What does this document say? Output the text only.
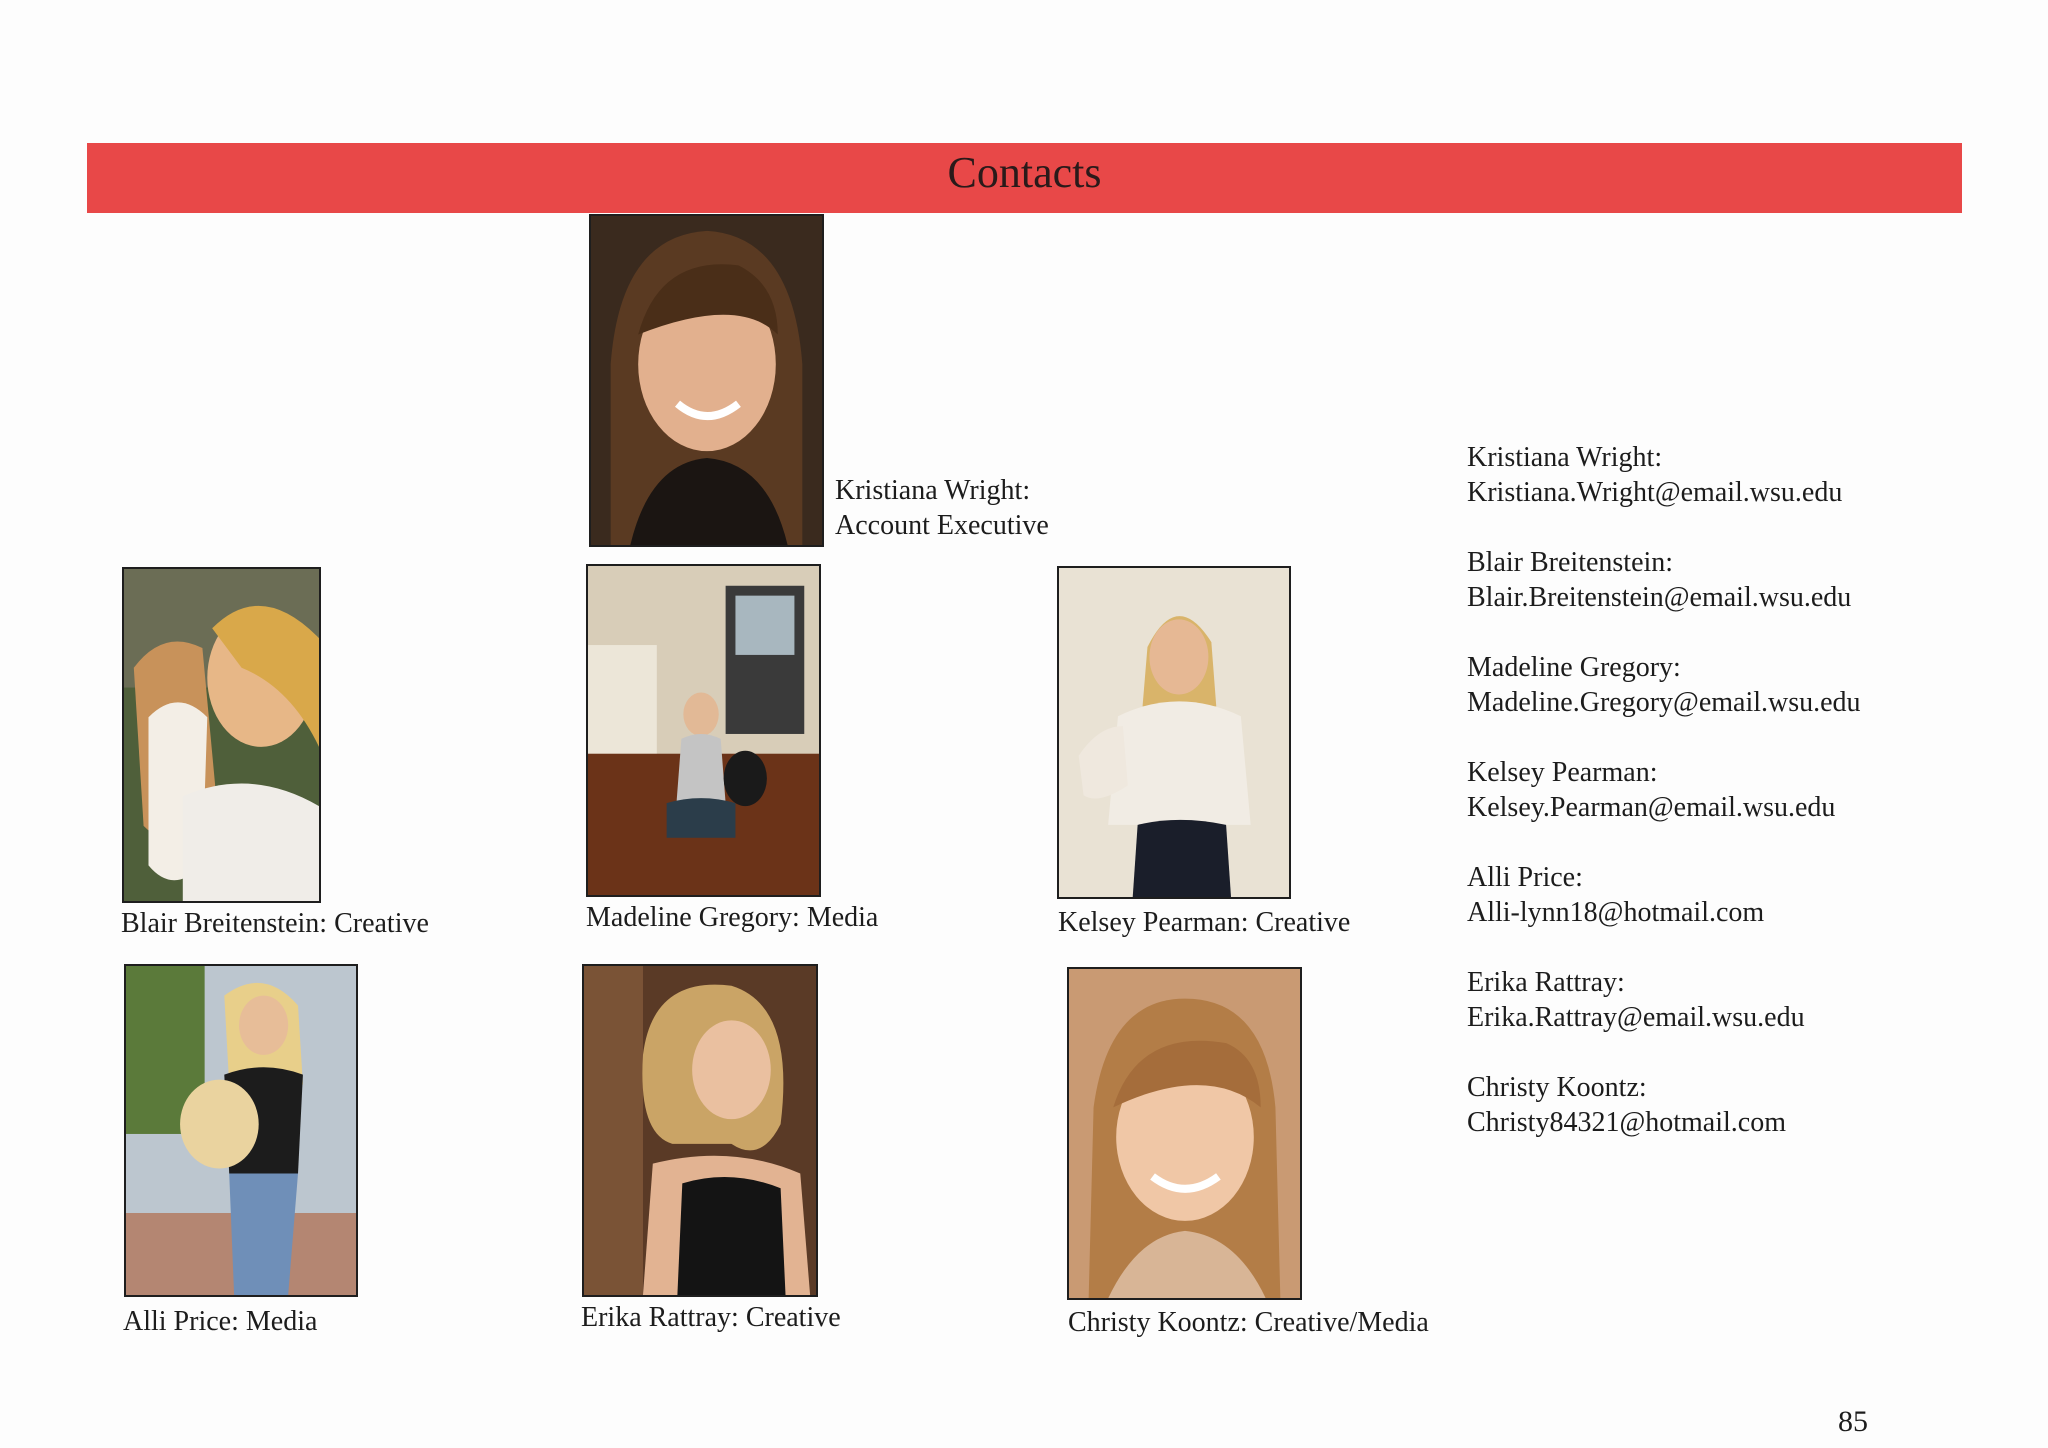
Contacts
Kristiana Wright:
Account Executive
Blair Breitenstein: Creative	Madeline Gregory: Media	Kelsey Pearman: Creative
Alli Price: Media	Erika Rattray: Creative	Christy Koontz: Creative/Media
Kristiana Wright:
Kristiana.Wright@email.wsu.edu
Blair Breitenstein:
Blair.Breitenstein@email.wsu.edu
Madeline Gregory:
Madeline.Gregory@email.wsu.edu
Kelsey Pearman:
Kelsey.Pearman@email.wsu.edu
Alli Price:
Alli-lynn18@hotmail.com
Erika Rattray:
Erika.Rattray@email.wsu.edu
Christy Koontz:
Christy84321@hotmail.com
85
